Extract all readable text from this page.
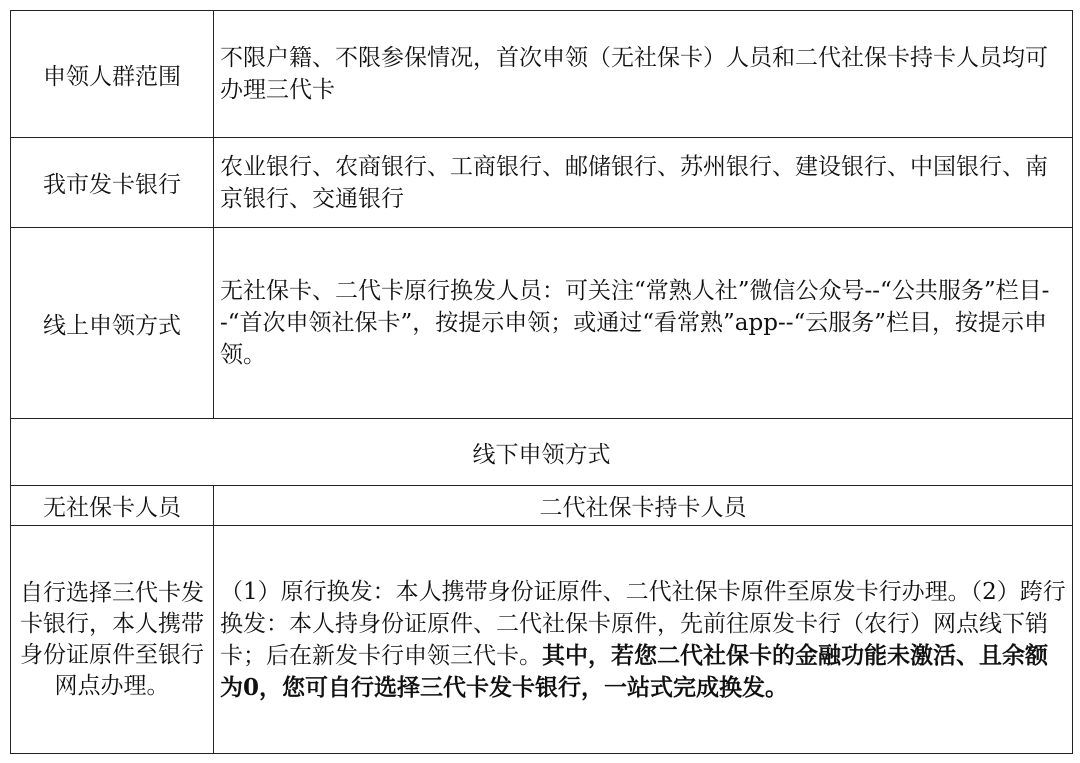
申领人群范围	不限户籍、不限参保情况，首次申领（无社保卡）人员和二代社保卡持卡人员均可办理三代卡
我市发卡银行	农业银行、农商银行、工商银行、邮储银行、苏州银行、建设银行、中国银行、南京银行、交通银行
线上申领方式	无社保卡、二代卡原行换发人员：可关注“常熟人社”微信公众号--“公共服务”栏目--“首次申领社保卡”，按提示申领；或通过“看常熟”app--“云服务”栏目，按提示申领。
线下申领方式	
无社保卡人员	二代社保卡持卡人员
自行选择三代卡发卡银行，本人携带身份证原件至银行网点办理。	（1）原行换发：本人携带身份证原件、二代社保卡原件至原发卡行办理。（2）跨行换发：本人持身份证原件、二代社保卡原件，先前往原发卡行（农行）网点线下销卡；后在新发卡行申领三代卡。其中，若您二代社保卡的金融功能未激活、且余额为0，您可自行选择三代卡发卡银行，一站式完成换发。
